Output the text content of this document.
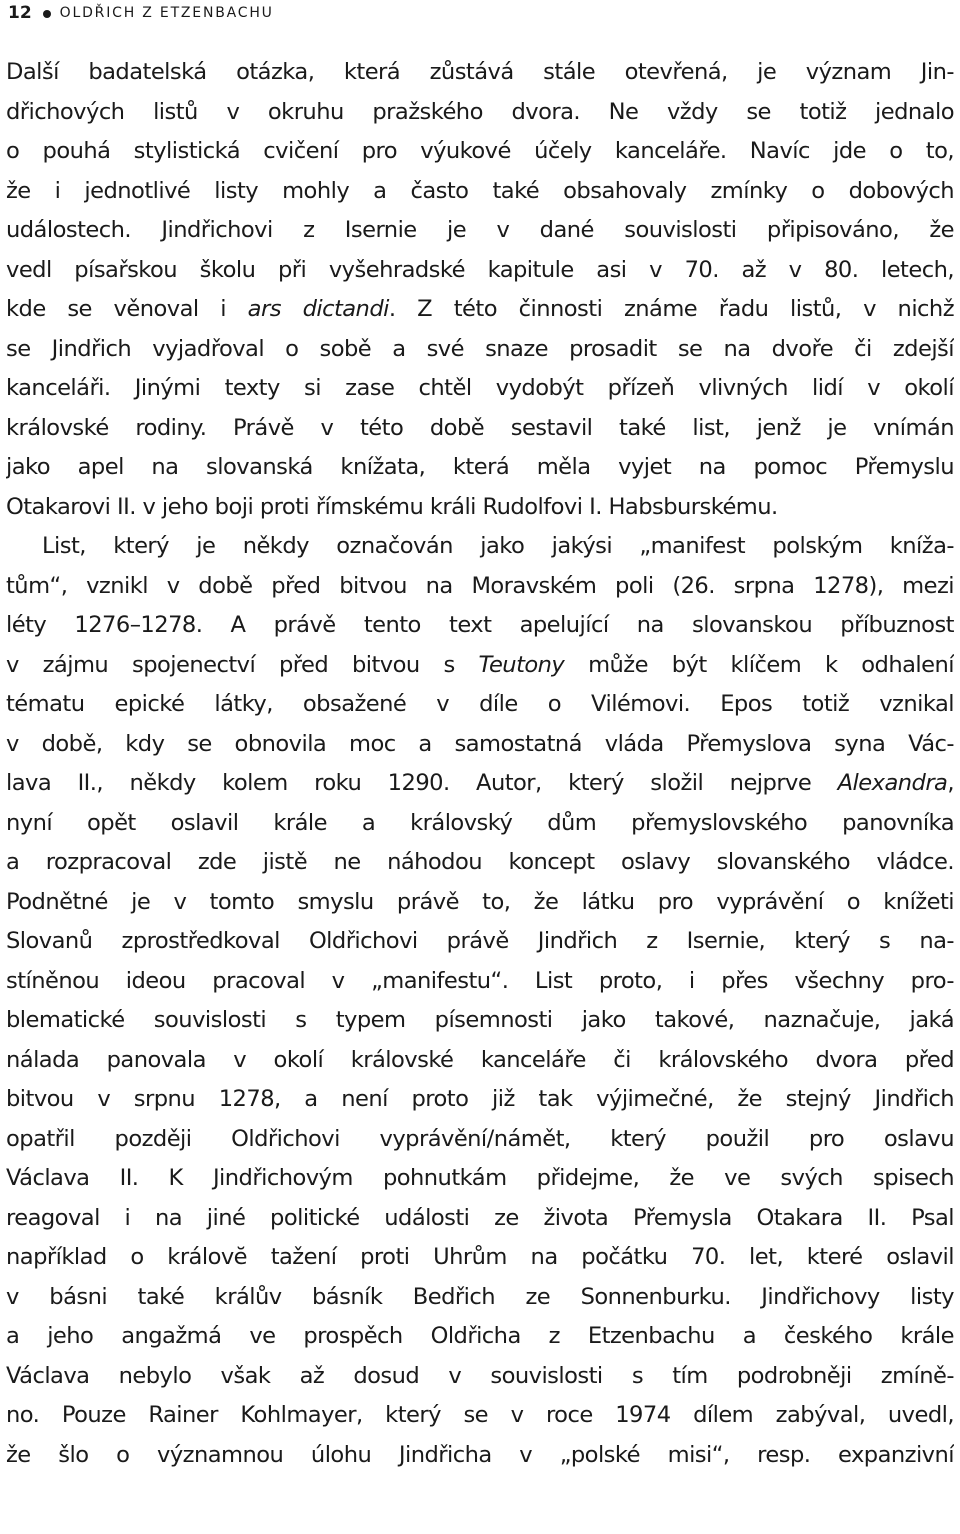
12 OLDŘICH Z ETZENBACHU
Další badatelská otázka, která zůstává stále otevřená, je význam Jin-
dřichových listů v okruhu pražského dvora. Ne vždy se totiž jednalo
o pouhá stylistická cvičení pro výukové účely kanceláře. Navíc jde o to,
že i jednotlivé listy mohly a často také obsahovaly zmínky o dobových
událostech. Jindřichovi z Isernie je v dané souvislosti připisováno, že
vedl písařskou školu při vyšehradské kapitule asi v 70. až v 80. letech,
kde se věnoval i ars dictandi. Z této činnosti známe řadu listů, v nichž
se Jindřich vyjadřoval o sobě a své snaze prosadit se na dvoře či zdejší
kanceláři. Jinými texty si zase chtěl vydobýt přízeň vlivných lidí v okolí
královské rodiny. Právě v této době sestavil také list, jenž je vnímán
jako apel na slovanská knížata, která měla vyjet na pomoc Přemyslu
Otakarovi II. v jeho boji proti římskému králi Rudolfovi I. Habsburskému.
List, který je někdy označován jako jakýsi „manifest polským kníža-
tům“, vznikl v době před bitvou na Moravském poli (26. srpna 1278), mezi
léty 1276–1278. A právě tento text apelující na slovanskou příbuznost
v zájmu spojenectví před bitvou s Teutony může být klíčem k odhalení
tématu epické látky, obsažené v díle o Vilémovi. Epos totiž vznikal
v době, kdy se obnovila moc a samostatná vláda Přemyslova syna Vác-
lava II., někdy kolem roku 1290. Autor, který složil nejprve Alexandra,
nyní opět oslavil krále a královský dům přemyslovského panovníka
a rozpracoval zde jistě ne náhodou koncept oslavy slovanského vládce.
Podnětné je v tomto smyslu právě to, že látku pro vyprávění o knížeti
Slovanů zprostředkoval Oldřichovi právě Jindřich z Isernie, který s na-
stíněnou ideou pracoval v „manifestu“. List proto, i přes všechny pro-
blematické souvislosti s typem písemnosti jako takové, naznačuje, jaká
nálada panovala v okolí královské kanceláře či královského dvora před
bitvou v srpnu 1278, a není proto již tak výjimečné, že stejný Jindřich
opatřil později Oldřichovi vyprávění/námět, který použil pro oslavu
Václava II. K Jindřichovým pohnutkám přidejme, že ve svých spisech
reagoval i na jiné politické události ze života Přemysla Otakara II. Psal
například o královĕ tažení proti Uhrům na počátku 70. let, které oslavil
v básni také králův básník Bedřich ze Sonnenburku. Jindřichovy listy
a jeho angažmá ve prospěch Oldřicha z Etzenbachu a českého krále
Václava nebylo však až dosud v souvislosti s tím podrobněji zmíně-
no. Pouze Rainer Kohlmayer, který se v roce 1974 dílem zabýval, uvedl,
že šlo o významnou úlohu Jindřicha v „polské misi“, resp. expanzivní
